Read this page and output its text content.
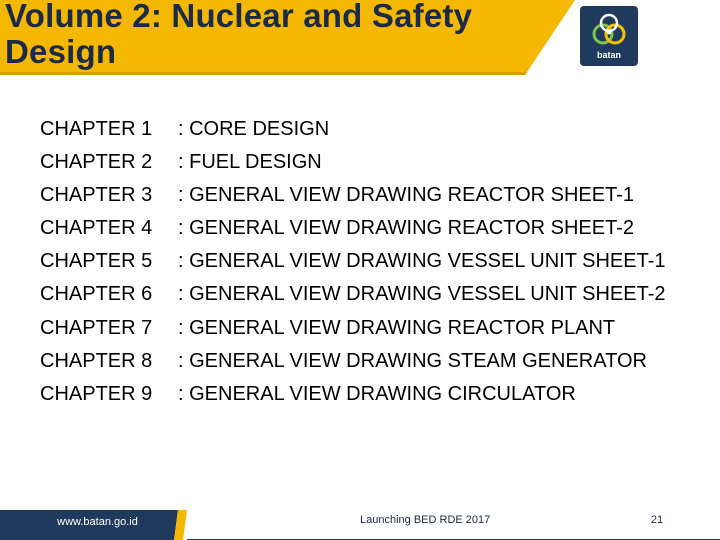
Volume 2: Nuclear and Safety
Design	batan
CHAPTER 1 : CORE DESIGN
CHAPTER 2 : FUEL DESIGN
CHAPTER 3 : GENERAL VIEW DRAWING REACTOR SHEET-1
CHAPTER 4 : GENERAL VIEW DRAWING REACTOR SHEET-2
CHAPTER 5 : GENERAL VIEW DRAWING VESSEL UNIT SHEET-1
CHAPTER 6 : GENERAL VIEW DRAWING VESSEL UNIT SHEET-2
CHAPTER 7 : GENERAL VIEW DRAWING REACTOR PLANT
CHAPTER 8 : GENERAL VIEW DRAWING STEAM GENERATOR
CHAPTER 9 : GENERAL VIEW DRAWING CIRCULATOR
www.batan.go.id	Launching BED RDE 2017	21
